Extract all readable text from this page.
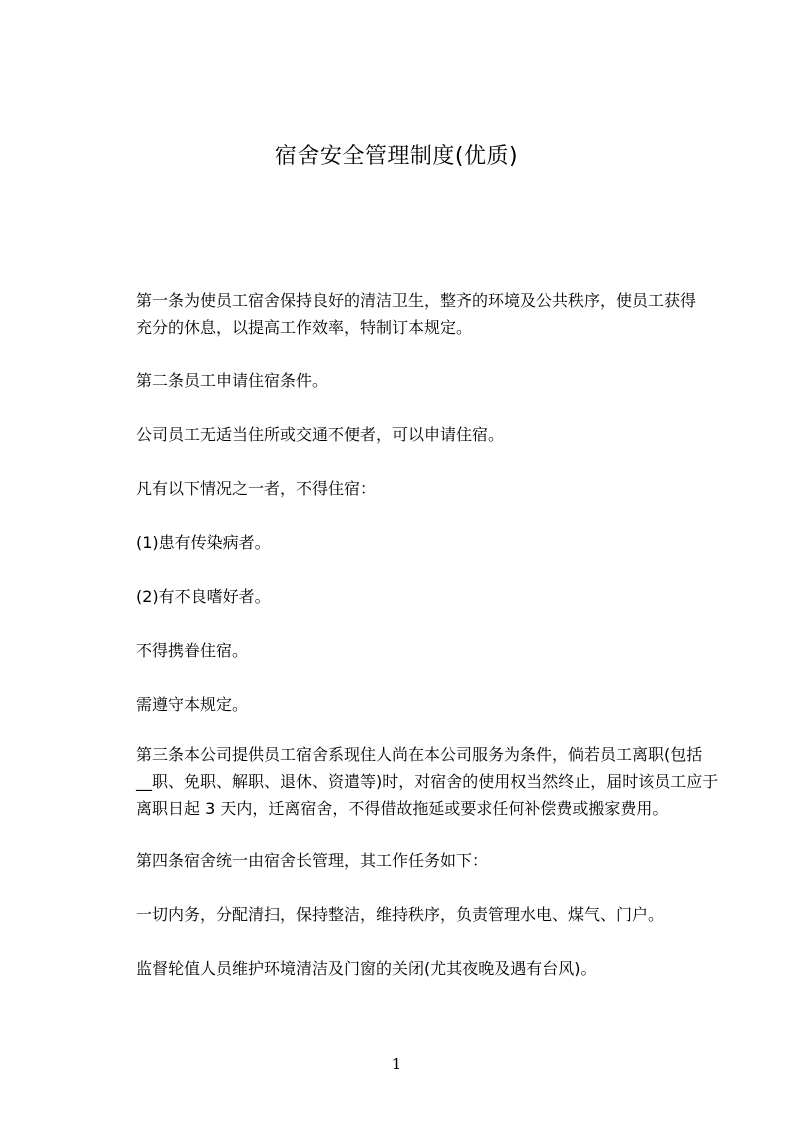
宿舍安全管理制度(优质)
第一条为使员工宿舍保持良好的清洁卫生，整齐的环境及公共秩序，使员工获得
充分的休息，以提高工作效率，特制订本规定。
第二条员工申请住宿条件。
公司员工无适当住所或交通不便者，可以申请住宿。
凡有以下情况之一者，不得住宿：
(1)患有传染病者。
(2)有不良嗜好者。
不得携眷住宿。
需遵守本规定。
第三条本公司提供员工宿舍系现住人尚在本公司服务为条件，倘若员工离职(包括
__职、免职、解职、退休、资遣等)时，对宿舍的使用权当然终止，届时该员工应于
离职日起 3 天内，迁离宿舍，不得借故拖延或要求任何补偿费或搬家费用。
第四条宿舍统一由宿舍长管理，其工作任务如下：
一切内务，分配清扫，保持整洁，维持秩序，负责管理水电、煤气、门户。
监督轮值人员维护环境清洁及门窗的关闭(尤其夜晚及遇有台风)。
1
